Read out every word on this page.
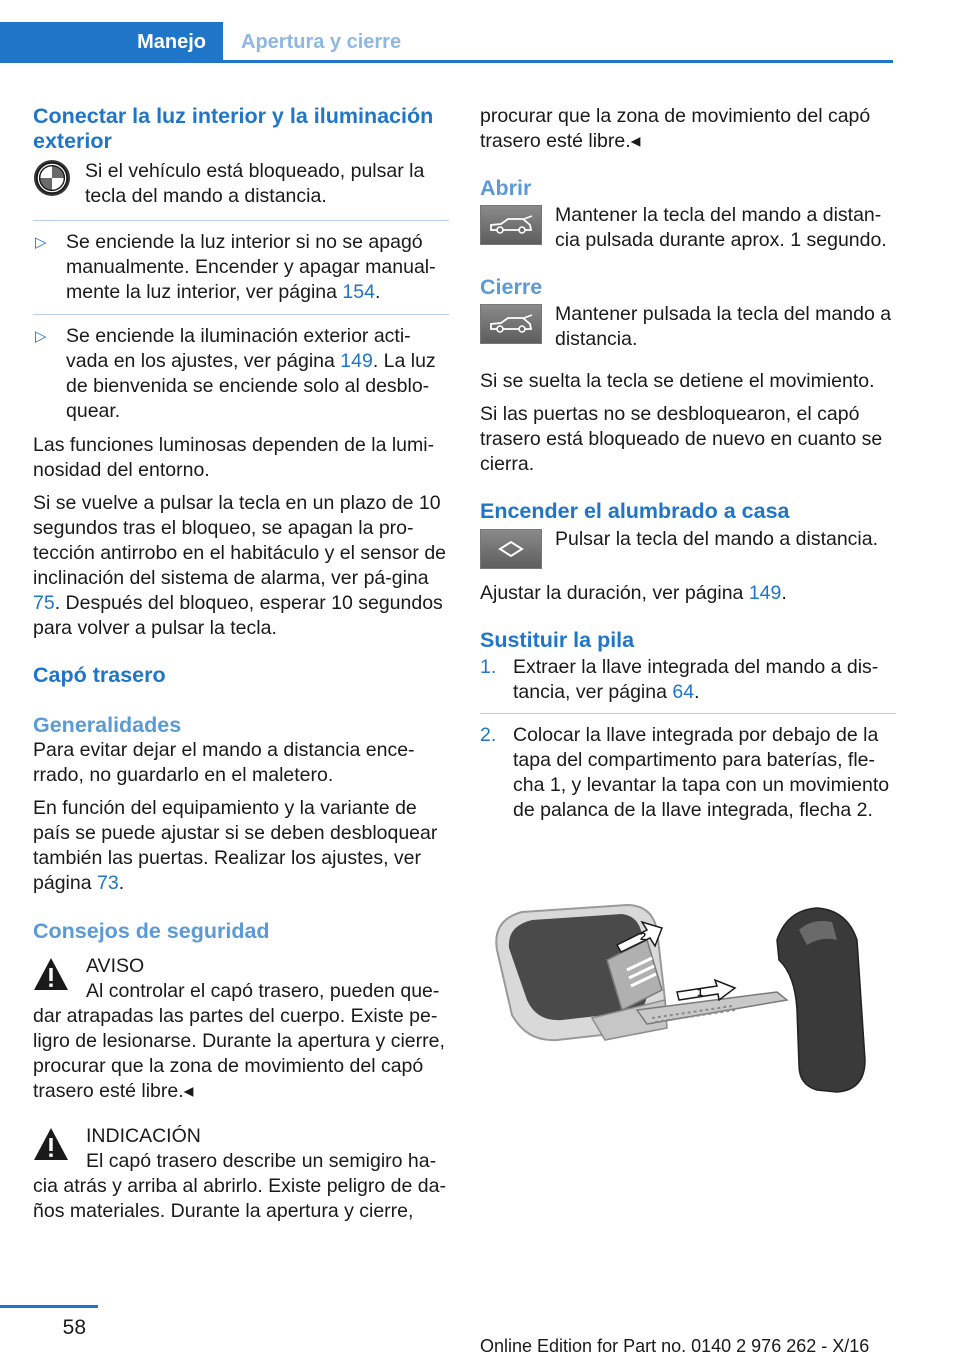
Manejo Apertura y cierre
Conectar la luz interior y la iluminación exterior
Si el vehículo está bloqueado, pulsar la tecla del mando a distancia.
▷ Se enciende la luz interior si no se apagó manualmente. Encender y apagar manual‐mente la luz interior, ver página 154.
▷ Se enciende la iluminación exterior acti‐vada en los ajustes, ver página 149. La luz de bienvenida se enciende solo al desblo‐quear.

Las funciones luminosas dependen de la lumi‐nosidad del entorno.

Si se vuelve a pulsar la tecla en un plazo de 10 segundos tras el bloqueo, se apagan la pro‐tección antirrobo en el habitáculo y el sensor de inclinación del sistema de alarma, ver pá‐gina 75. Después del bloqueo, esperar 10 segundos para volver a pulsar la tecla.

Capó trasero
Generalidades

Para evitar dejar el mando a distancia ence‐rrado, no guardarlo en el maletero.

En función del equipamiento y la variante de país se puede ajustar si se deben desbloquear también las puertas. Realizar los ajustes, ver página 73.

Consejos de seguridad
AVISO
Al controlar el capó trasero, pueden que‐

dar atrapadas las partes del cuerpo. Existe pe‐ligro de lesionarse. Durante la apertura y cierre, procurar que la zona de movimiento del capó trasero esté libre.◂

INDICACIÓN
El capó trasero describe un semigiro ha‐

cia atrás y arriba al abrirlo. Existe peligro de da‐ños materiales. Durante la apertura y cierre,

procurar que la zona de movimiento del capó trasero esté libre.◂

Abrir
Mantener la tecla del mando a distan‐cia pulsada durante aprox. 1 segundo.
Cierre
Mantener pulsada la tecla del mando a distancia.

Si se suelta la tecla se detiene el movimiento.

Si las puertas no se desbloquearon, el capó trasero está bloqueado de nuevo en cuanto se cierra.

Encender el alumbrado a casa
Pulsar la tecla del mando a distancia.

Ajustar la duración, ver página 149.

Sustituir la pila
1. Extraer la llave integrada del mando a dis‐tancia, ver página 64.
2. Colocar la llave integrada por debajo de la tapa del compartimento para baterías, fle‐cha 1, y levantar la tapa con un movimiento de palanca de la llave integrada, flecha 2.
2
1
58
Online Edition for Part no. 0140 2 976 262 - X/16
